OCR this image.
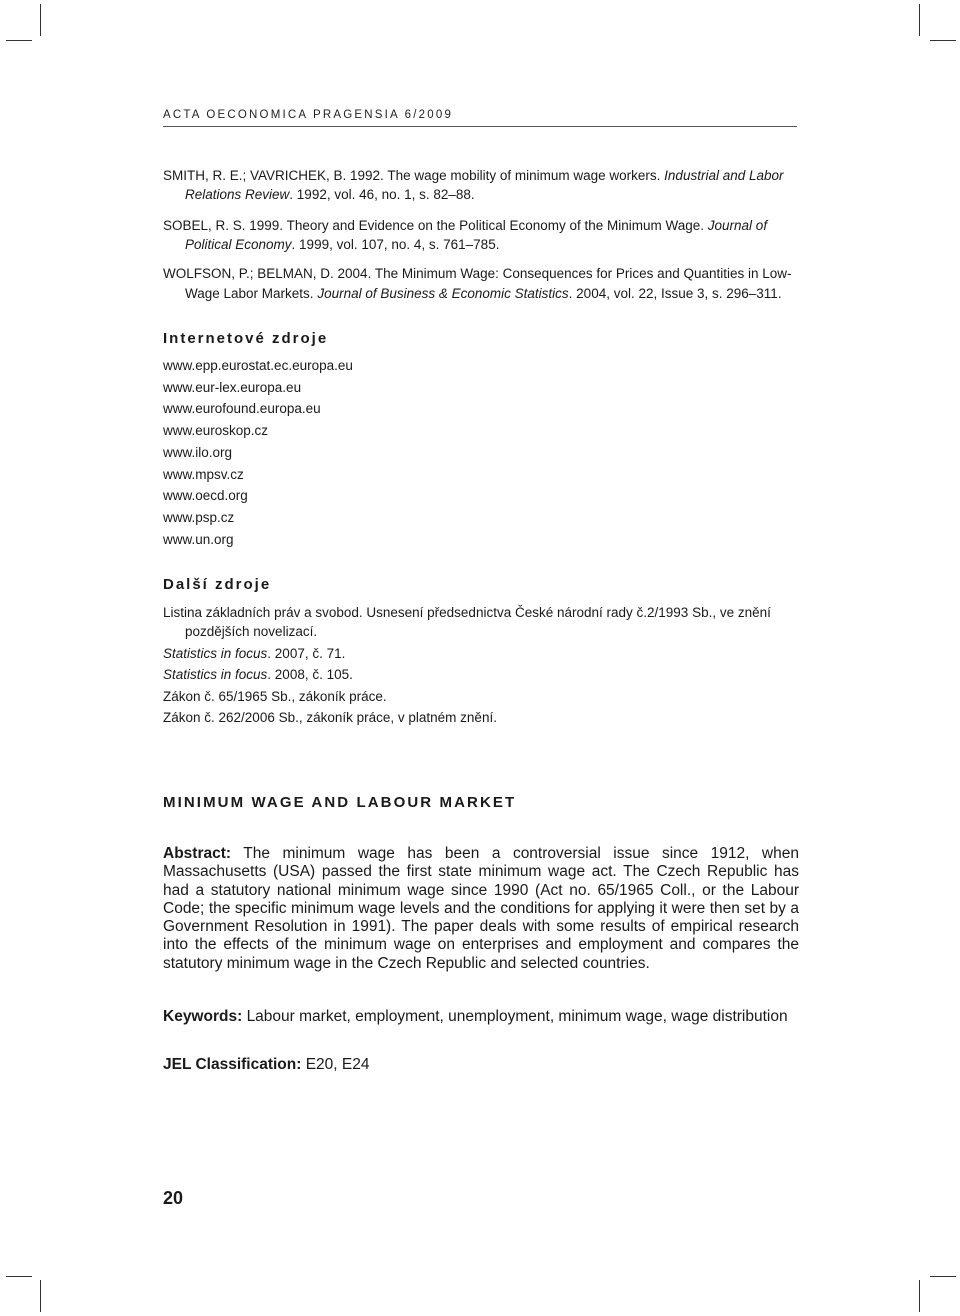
ACTA OECONOMICA PRAGENSIA 6/2009

SMITH, R. E.; VAVRICHEK, B. 1992. The wage mobility of minimum wage workers. Industrial and Labor Relations Review. 1992, vol. 46, no. 1, s. 82–88.

SOBEL, R. S. 1999. Theory and Evidence on the Political Economy of the Minimum Wage. Journal of Political Economy. 1999, vol. 107, no. 4, s. 761–785.

WOLFSON, P.; BELMAN, D. 2004. The Minimum Wage: Consequences for Prices and Quantities in Low-Wage Labor Markets. Journal of Business & Economic Statistics. 2004, vol. 22, Issue 3, s. 296–311.

Internetové zdroje
www.epp.eurostat.ec.europa.eu
www.eur-lex.europa.eu
www.eurofound.europa.eu
www.euroskop.cz
www.ilo.org
www.mpsv.cz
www.oecd.org
www.psp.cz
www.un.org
Další zdroje

Listina základních práv a svobod. Usnesení předsednictva České národní rady č.2/1993 Sb., ve znění pozdějších novelizací.

Statistics in focus. 2007, č. 71.

Statistics in focus. 2008, č. 105.

Zákon č. 65/1965 Sb., zákoník práce.

Zákon č. 262/2006 Sb., zákoník práce, v platném znění.

MINIMUM WAGE AND LABOUR MARKET
Abstract: The minimum wage has been a controversial issue since 1912, when Massachusetts (USA) passed the first state minimum wage act. The Czech Republic has had a statutory national minimum wage since 1990 (Act no. 65/1965 Coll., or the Labour Code; the specific minimum wage levels and the conditions for applying it were then set by a Government Resolution in 1991). The paper deals with some results of empirical research into the effects of the minimum wage on enterprises and employment and compares the statutory minimum wage in the Czech Republic and selected countries.
Keywords: Labour market, employment, unemployment, minimum wage, wage distribution
JEL Classification: E20, E24
20
